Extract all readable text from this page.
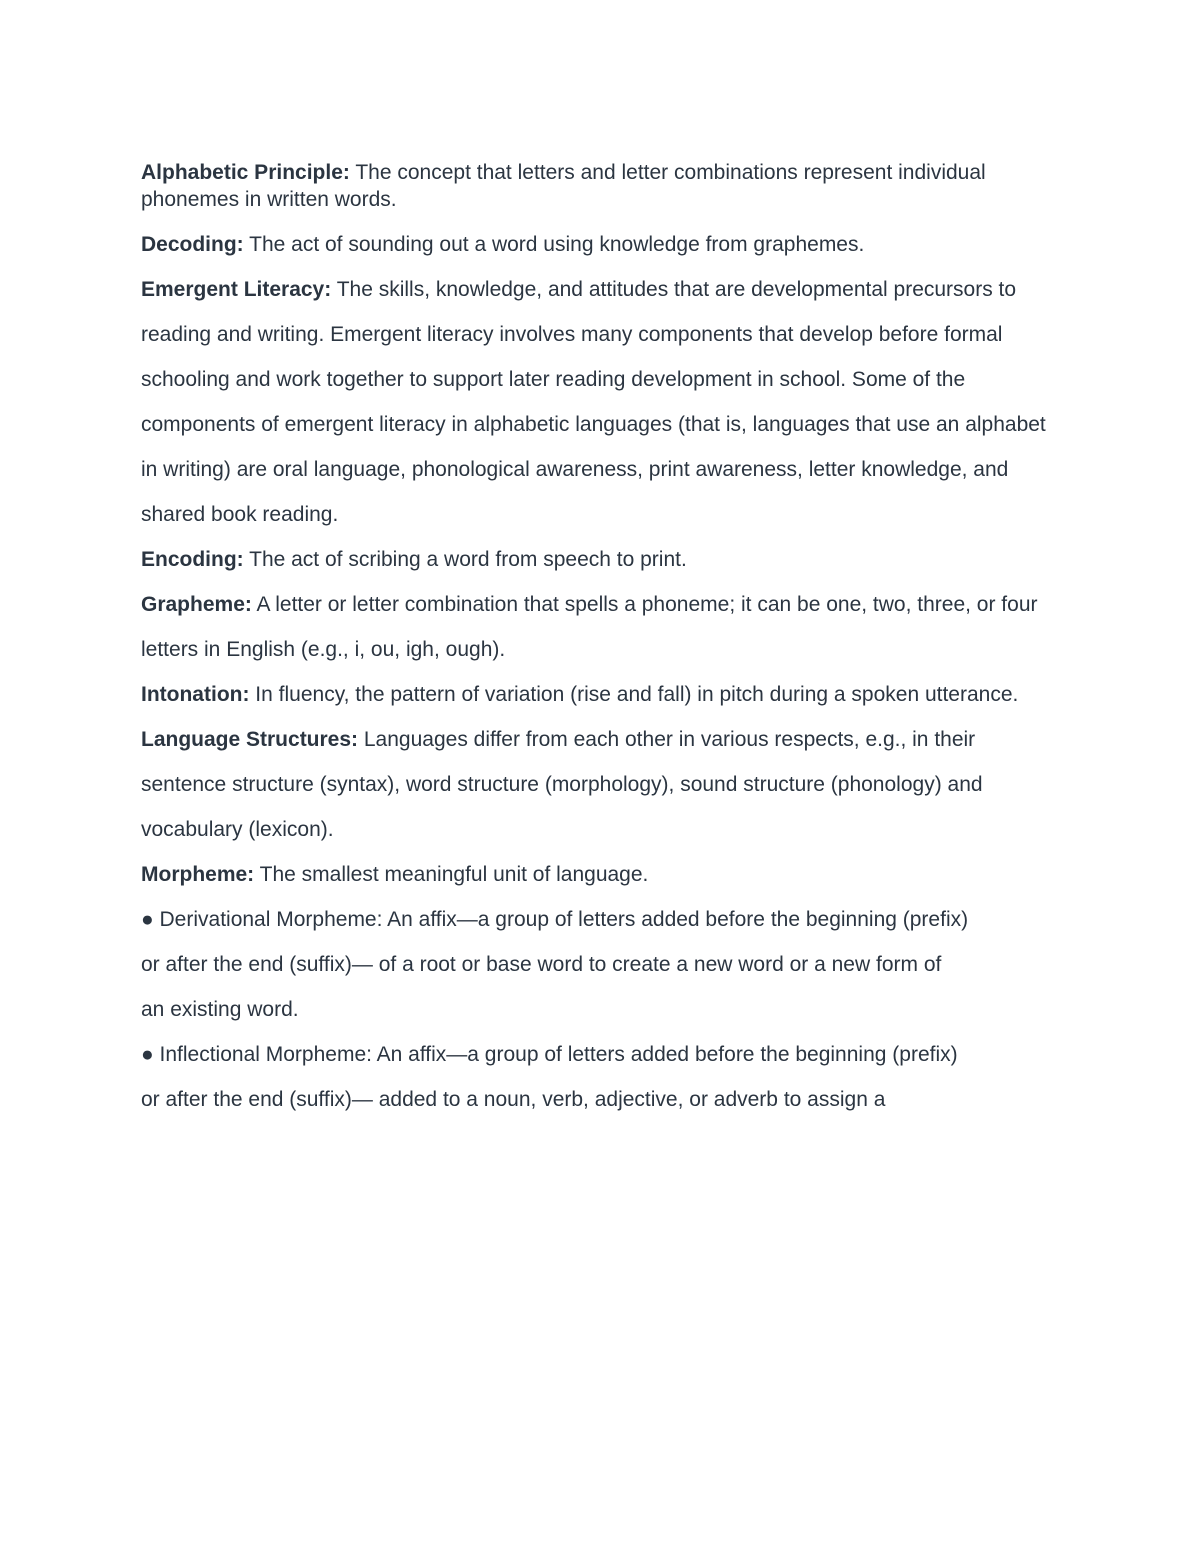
Alphabetic Principle: The concept that letters and letter combinations represent individual phonemes in written words.

Decoding: The act of sounding out a word using knowledge from graphemes.

Emergent Literacy: The skills, knowledge, and attitudes that are developmental precursors to

reading and writing. Emergent literacy involves many components that develop before formal

schooling and work together to support later reading development in school. Some of the

components of emergent literacy in alphabetic languages (that is, languages that use an alphabet

in writing) are oral language, phonological awareness, print awareness, letter knowledge, and

shared book reading.

Encoding: The act of scribing a word from speech to print.

Grapheme: A letter or letter combination that spells a phoneme; it can be one, two, three, or four

letters in English (e.g., i, ou, igh, ough).

Intonation: In fluency, the pattern of variation (rise and fall) in pitch during a spoken utterance.

Language Structures: Languages differ from each other in various respects, e.g., in their

sentence structure (syntax), word structure (morphology), sound structure (phonology) and

vocabulary (lexicon).

Morpheme: The smallest meaningful unit of language.

● Derivational Morpheme: An affix—a group of letters added before the beginning (prefix)

or after the end (suffix)— of a root or base word to create a new word or a new form of

an existing word.

● Inflectional Morpheme: An affix—a group of letters added before the beginning (prefix)

or after the end (suffix)— added to a noun, verb, adjective, or adverb to assign a
